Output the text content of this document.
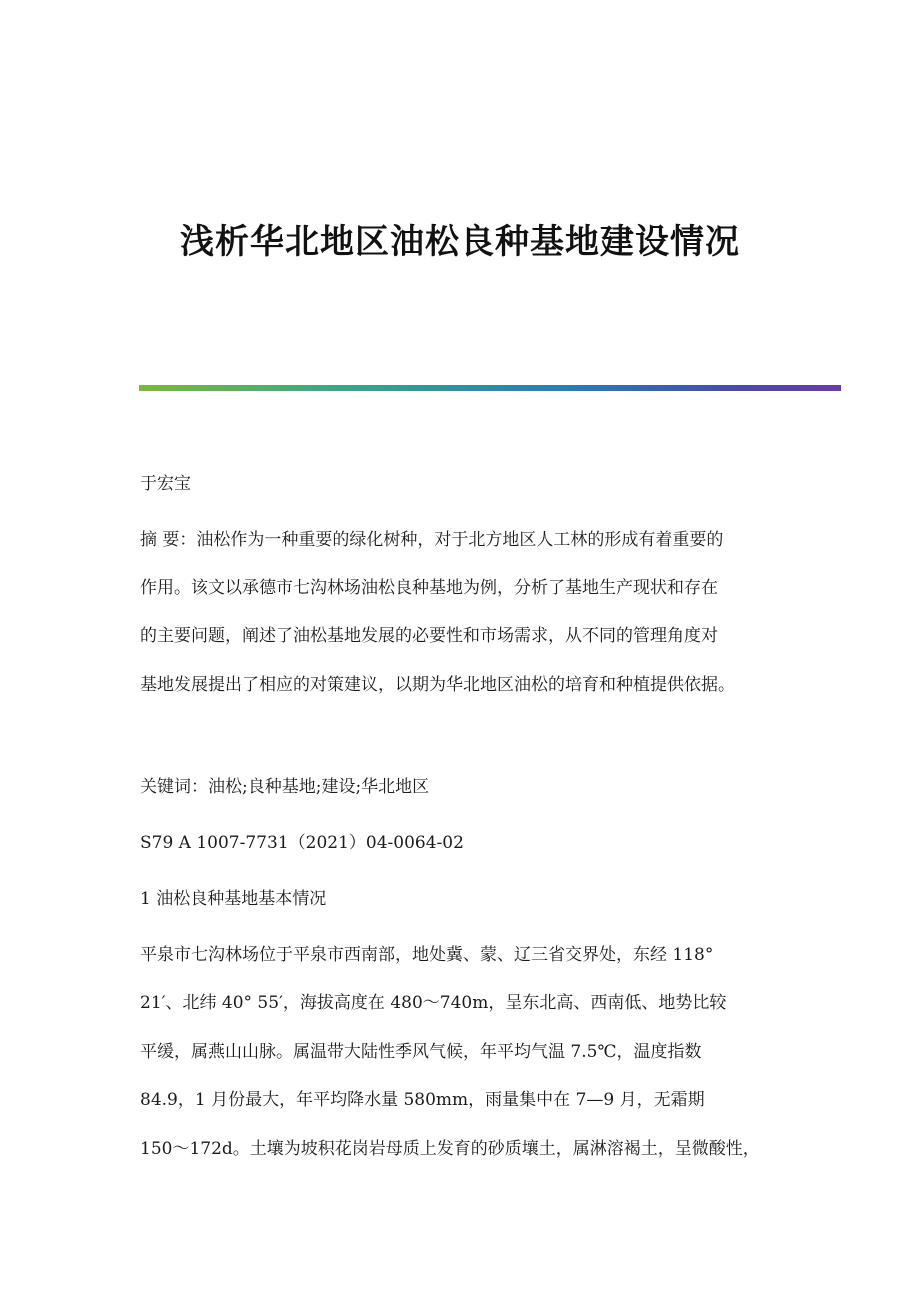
浅析华北地区油松良种基地建设情况
于宏宝
摘 要：油松作为一种重要的绿化树种，对于北方地区人工林的形成有着重要的
作用。该文以承德市七沟林场油松良种基地为例，分析了基地生产现状和存在
的主要问题，阐述了油松基地发展的必要性和市场需求，从不同的管理角度对
基地发展提出了相应的对策建议，以期为华北地区油松的培育和种植提供依据。
关键词：油松;良种基地;建设;华北地区
S79 A 1007-7731（2021）04-0064-02
1 油松良种基地基本情况
平泉市七沟林场位于平泉市西南部，地处冀、蒙、辽三省交界处，东经 118°
21′、北纬 40° 55′，海拔高度在 480～740m，呈东北高、西南低、地势比较
平缓，属燕山山脉。属温带大陆性季风气候，年平均气温 7.5℃，温度指数
84.9，1 月份最大，年平均降水量 580mm，雨量集中在 7—9 月，无霜期
150～172d。土壤为坡积花岗岩母质上发育的砂质壤土，属淋溶褐土，呈微酸性，
